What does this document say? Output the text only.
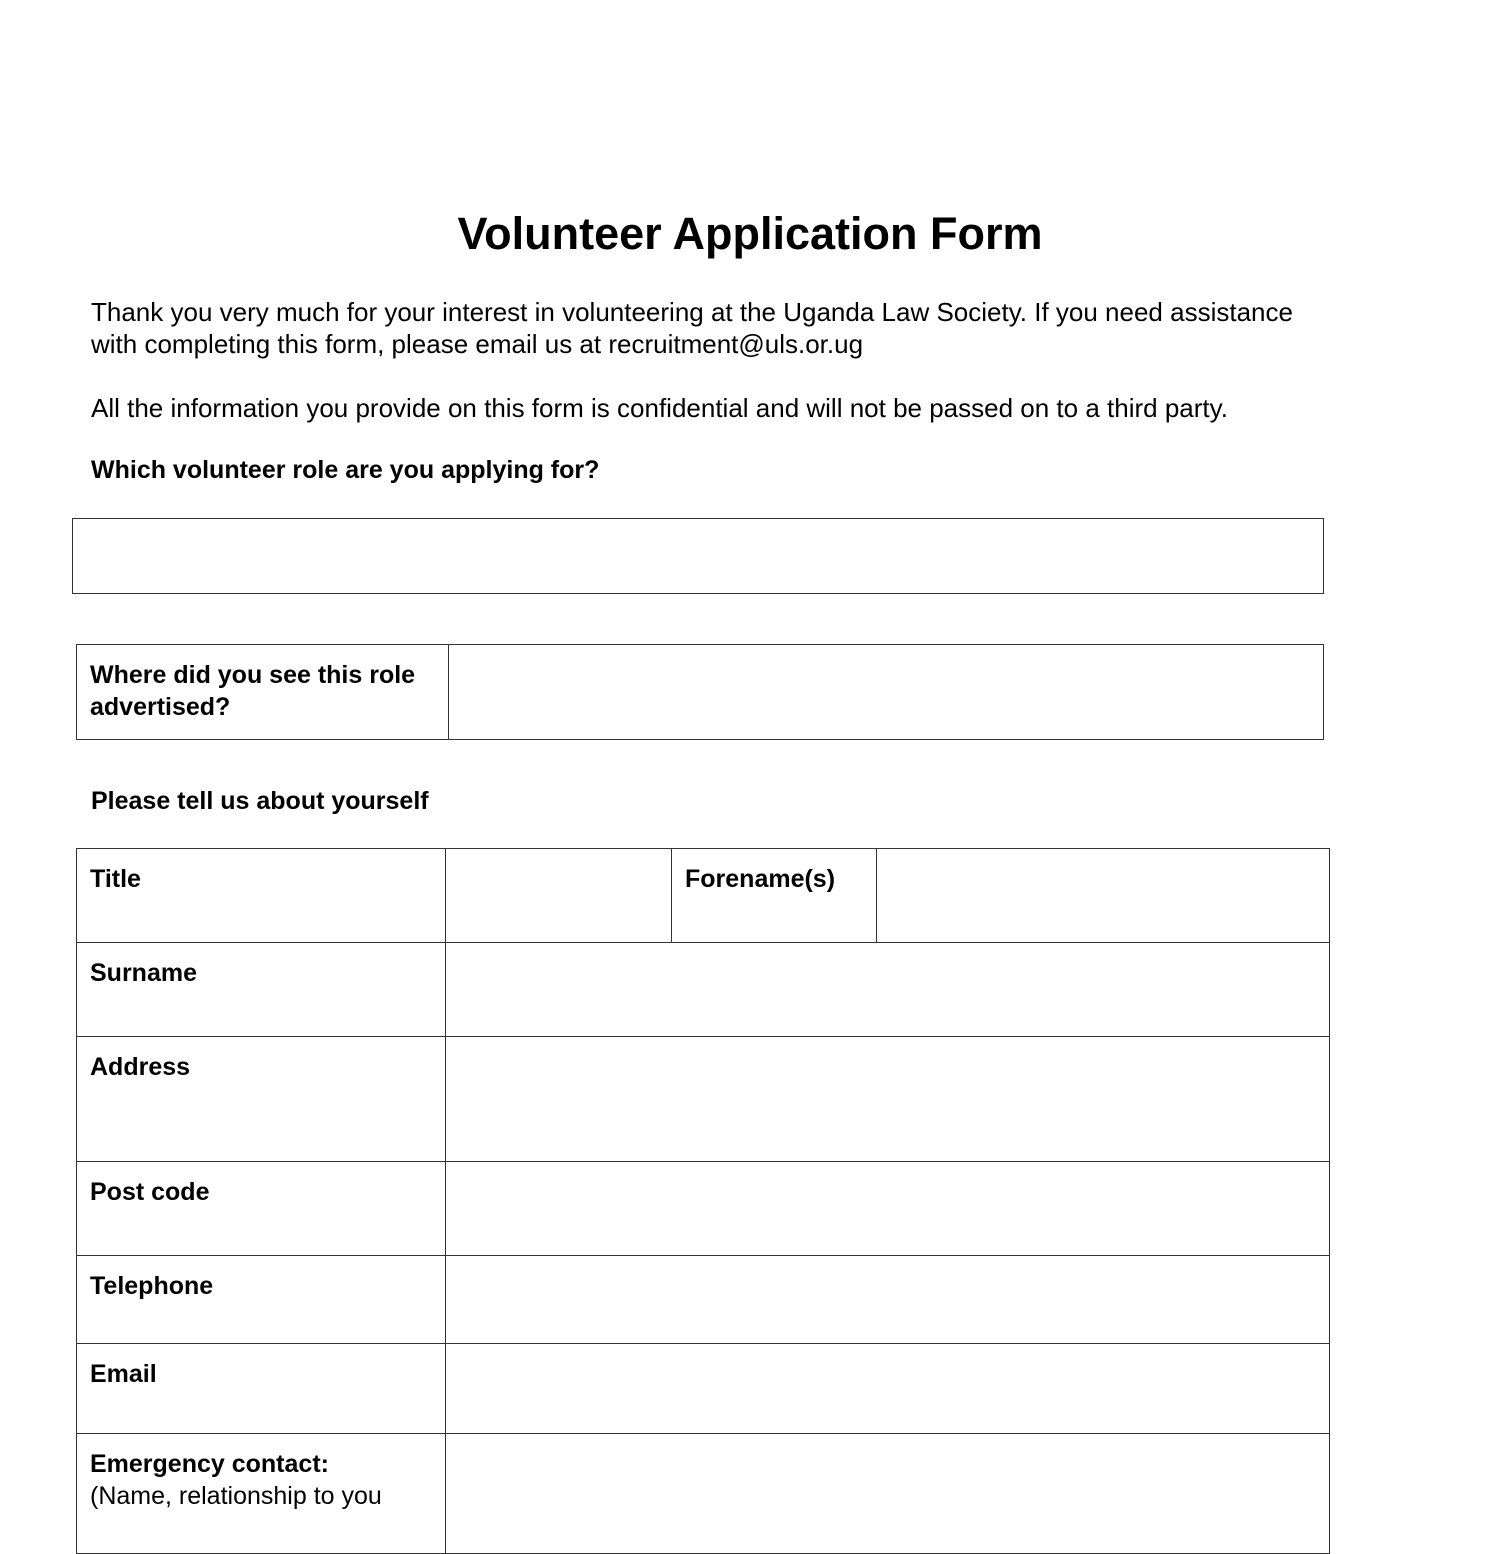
Volunteer Application Form
Thank you very much for your interest in volunteering at the Uganda Law Society. If you need assistance
with completing this form, please email us at recruitment@uls.or.ug
All the information you provide on this form is confidential and will not be passed on to a third party.
Which volunteer role are you applying for?
Where did you see this role advertised?	
Please tell us about yourself
Title		Forename(s)	
Surname			
Address			
Post code			
Telephone			
Email			

Emergency contact:
(Name, relationship to you			
